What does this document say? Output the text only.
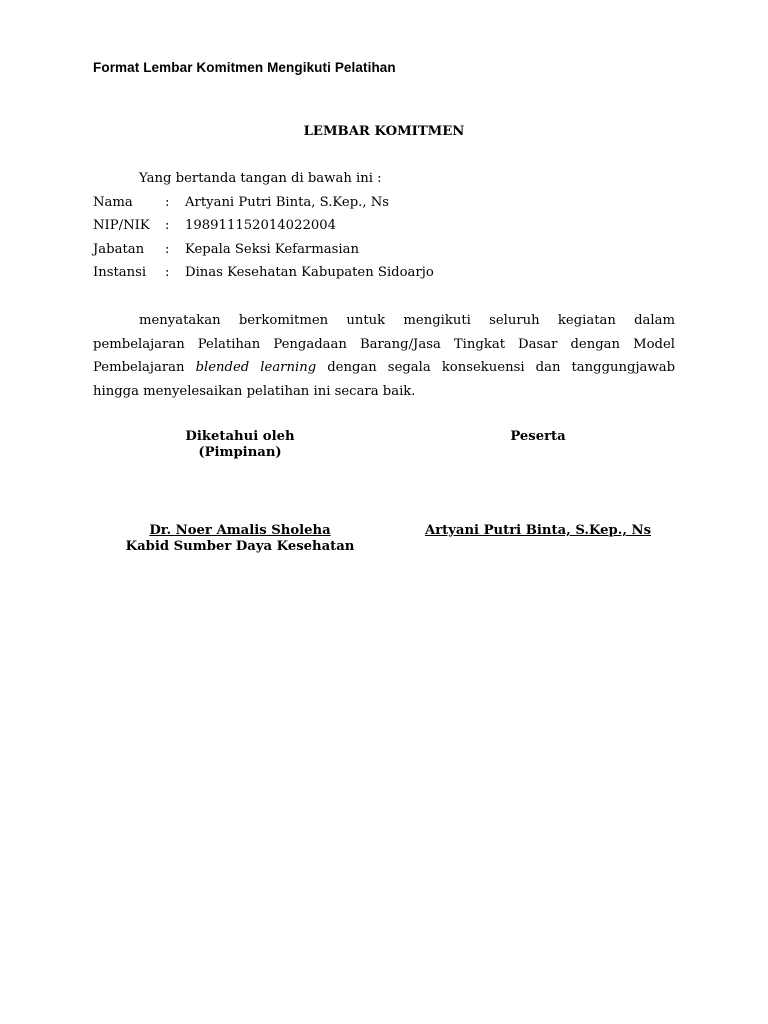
Format Lembar Komitmen Mengikuti Pelatihan
LEMBAR KOMITMEN
Yang bertanda tangan di bawah ini :
Nama : Artyani Putri Binta, S.Kep., Ns
NIP/NIK : 198911152014022004
Jabatan : Kepala Seksi Kefarmasian
Instansi : Dinas Kesehatan Kabupaten Sidoarjo
menyatakan berkomitmen untuk mengikuti seluruh kegiatan dalam pembelajaran Pelatihan Pengadaan Barang/Jasa Tingkat Dasar dengan Model Pembelajaran blended learning dengan segala konsekuensi dan tanggungjawab hingga menyelesaikan pelatihan ini secara baik.
Diketahui oleh
(Pimpinan)
Peserta
Dr. Noer Amalis Sholeha
Kabid Sumber Daya Kesehatan
Artyani Putri Binta, S.Kep., Ns
